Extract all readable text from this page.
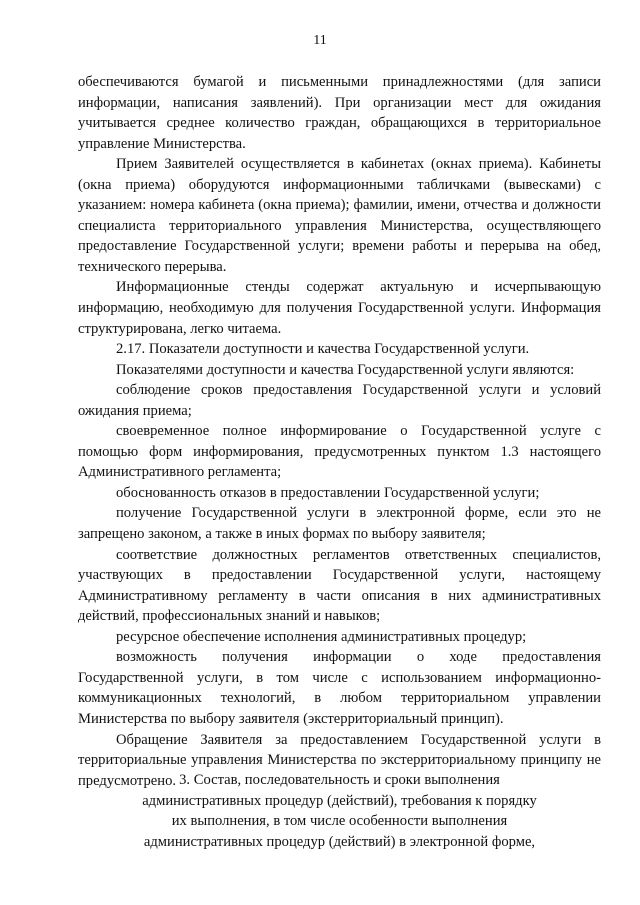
11

обеспечиваются бумагой и письменными принадлежностями (для записи информации, написания заявлений). При организации мест для ожидания учитывается среднее количество граждан, обращающихся в территориальное управление Министерства.

Прием Заявителей осуществляется в кабинетах (окнах приема). Кабинеты (окна приема) оборудуются информационными табличками (вывесками) с указанием: номера кабинета (окна приема); фамилии, имени, отчества и должности специалиста территориального управления Министерства, осуществляющего предоставление Государственной услуги; времени работы и перерыва на обед, технического перерыва.

Информационные стенды содержат актуальную и исчерпывающую информацию, необходимую для получения Государственной услуги. Информация структурирована, легко читаема.

2.17. Показатели доступности и качества Государственной услуги.

Показателями доступности и качества Государственной услуги являются:

соблюдение сроков предоставления Государственной услуги и условий ожидания приема;

своевременное полное информирование о Государственной услуге с помощью форм информирования, предусмотренных пунктом 1.3 настоящего Административного регламента;

обоснованность отказов в предоставлении Государственной услуги;

получение Государственной услуги в электронной форме, если это не запрещено законом, а также в иных формах по выбору заявителя;

соответствие должностных регламентов ответственных специалистов, участвующих в предоставлении Государственной услуги, настоящему Административному регламенту в части описания в них административных действий, профессиональных знаний и навыков;

ресурсное обеспечение исполнения административных процедур;

возможность получения информации о ходе предоставления Государственной услуги, в том числе с использованием информационно-коммуникационных технологий, в любом территориальном управлении Министерства по выбору заявителя (экстерриториальный принцип).

Обращение Заявителя за предоставлением Государственной услуги в территориальные управления Министерства по экстерриториальному принципу не предусмотрено. 3. Состав, последовательность и сроки выполнения
административных процедур (действий), требования к порядку
их выполнения, в том числе особенности выполнения
административных процедур (действий) в электронной форме,
